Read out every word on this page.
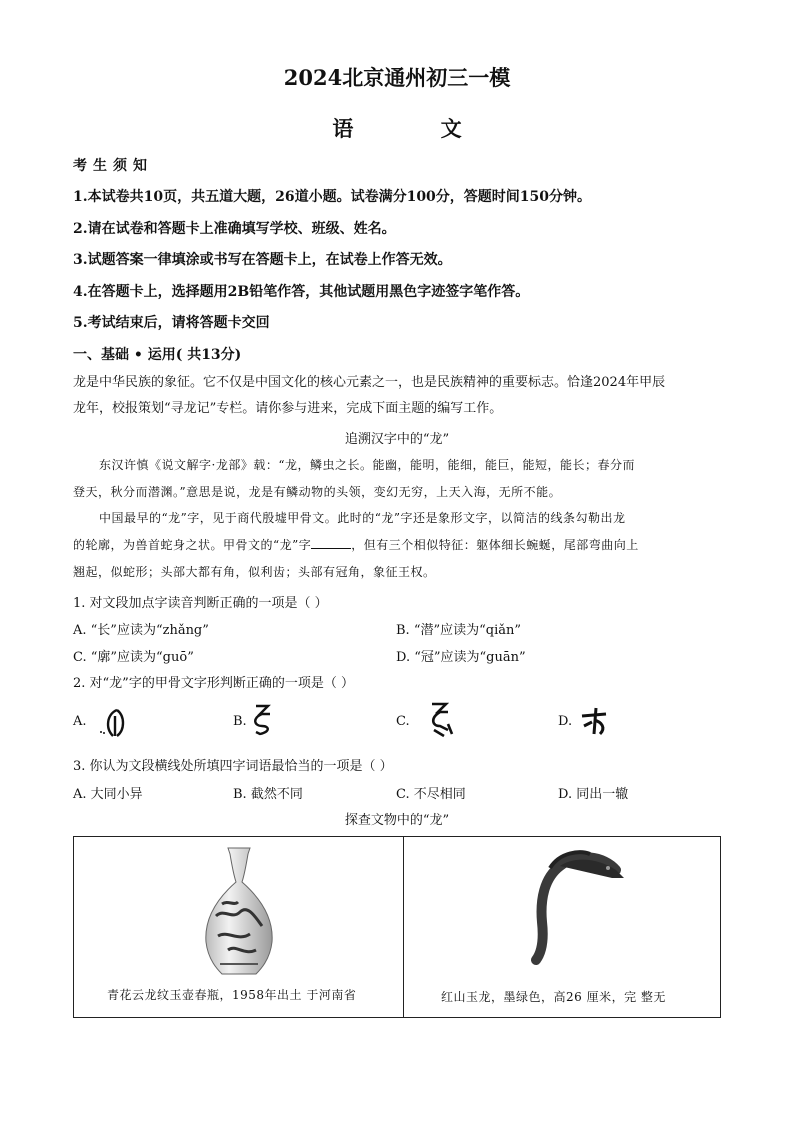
2024北京通州初三一模
语 文
考生须知
1.本试卷共10页，共五道大题，26道小题。试卷满分100分，答题时间150分钟。
2.请在试卷和答题卡上准确填写学校、班级、姓名。
3.试题答案一律填涂或书写在答题卡上，在试卷上作答无效。
4.在答题卡上，选择题用2B铅笔作答，其他试题用黑色字迹签字笔作答。
5.考试结束后，请将答题卡交回
一、基础 • 运用( 共13分)
龙是中华民族的象征。它不仅是中国文化的核心元素之一，也是民族精神的重要标志。恰逢2024年甲辰
龙年，校报策划“寻龙记”专栏。请你参与进来，完成下面主题的编写工作。
追溯汉字中的“龙”
东汉许慎《说文解字·龙部》载：“龙，鳞虫之长。能幽，能明，能细，能巨，能短，能长；春分而
登天，秋分而潜渊。”意思是说，龙是有鳞动物的头领，变幻无穷，上天入海，无所不能。
中国最早的“龙”字，见于商代殷墟甲骨文。此时的“龙”字还是象形文字，以简洁的线条勾勒出龙
的轮廓，为兽首蛇身之状。甲骨文的“龙”字	，但有三个相似特征：躯体细长蜿蜒，尾部弯曲向上
翘起，似蛇形；头部大都有角，似利齿；头部有冠角，象征王权。
1. 对文段加点字读音判断正确的一项是（ ）
A. “长”应读为“zhǎng”	B. “潜”应读为“qiǎn”
C. “廓”应读为“guō”	D. “冠”应读为“guān”
2. 对“龙”字的甲骨文字形判断正确的一项是（ ）
A.	B.	C.	D.
3. 你认为文段横线处所填四字词语最恰当的一项是（ ）
A. 大同小异	B. 截然不同	C. 不尽相同	D. 同出一辙
探查文物中的“龙”
青花云龙纹玉壶春瓶，1958年出土 于河南省	红山玉龙，墨绿色，高26 厘米，完 整无
